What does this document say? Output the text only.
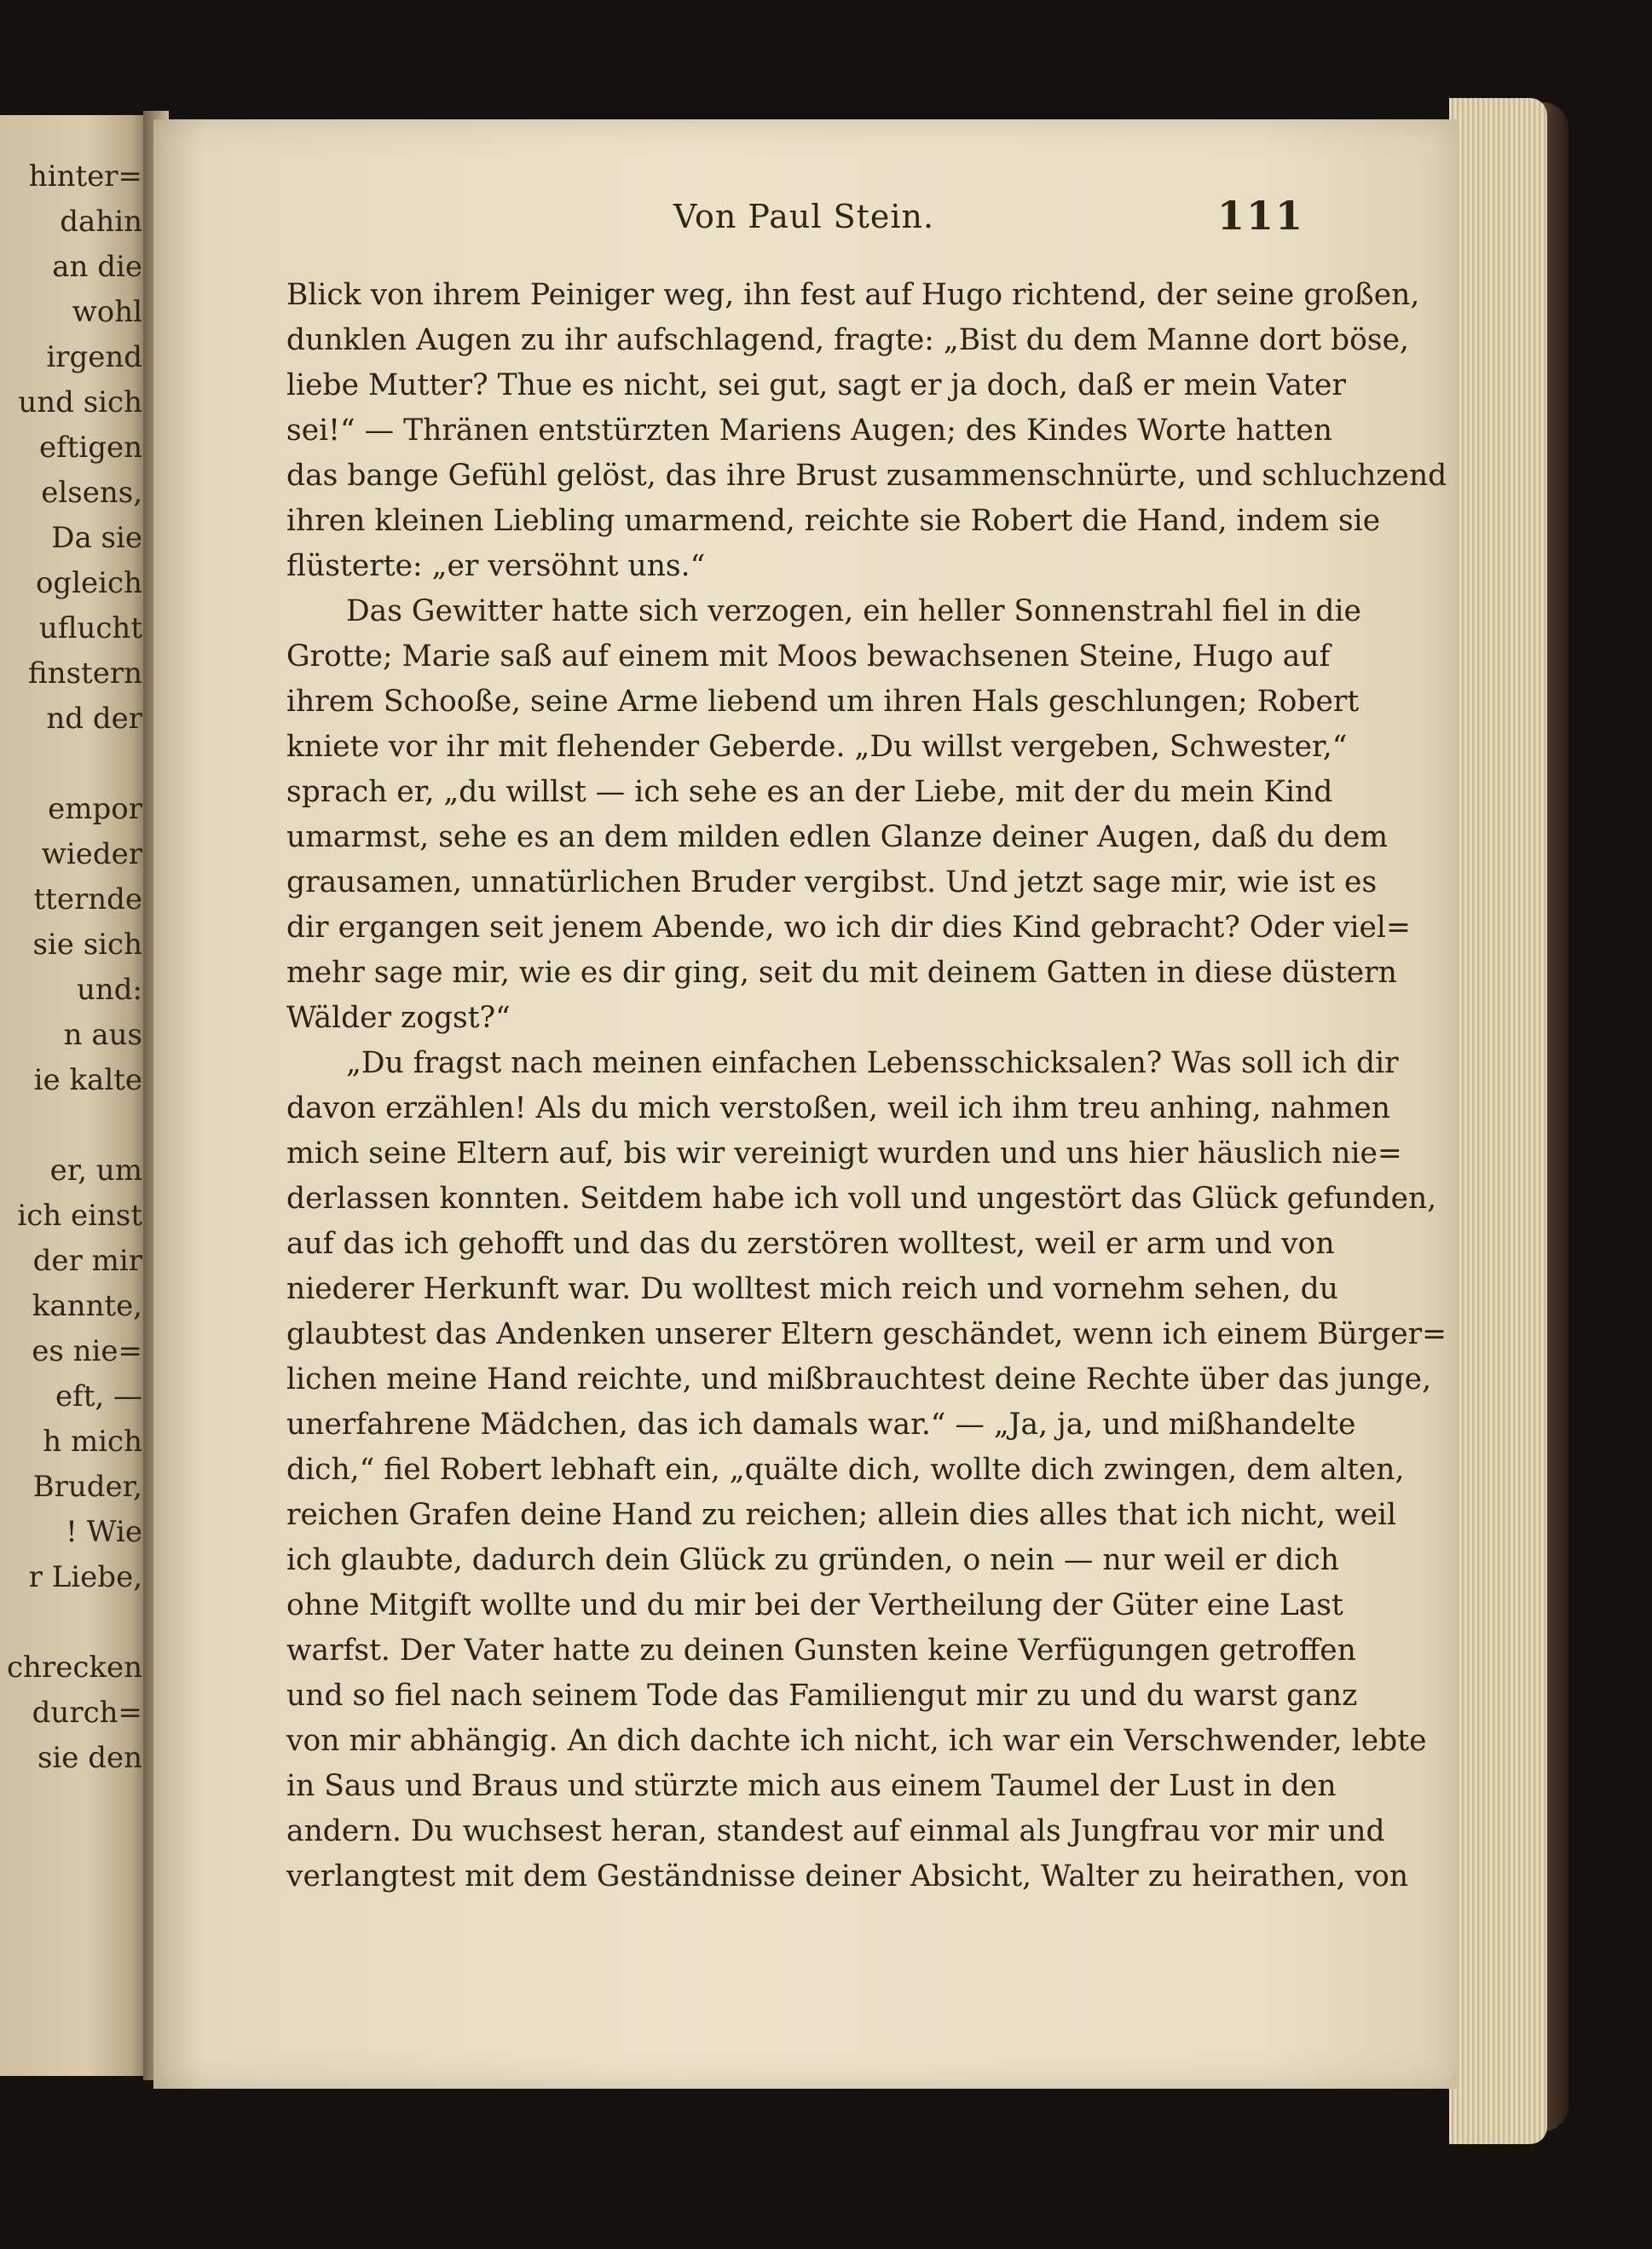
hinter=
dahin
an die
wohl
irgend
und sich
eftigen
elsens,
Da sie
ogleich
uflucht
finstern
nd der
empor
wieder
tternde
sie sich
und:
n aus
ie kalte
er, um
ich einst
der mir
kannte,
es nie=
eft, —
h mich
Bruder,
! Wie
r Liebe,
chrecken
durch=
sie den
Von Paul Stein.	111
Blick von ihrem Peiniger weg, ihn fest auf Hugo richtend, der seine großen,
dunklen Augen zu ihr aufschlagend, fragte: „Bist du dem Manne dort böse,
liebe Mutter? Thue es nicht, sei gut, sagt er ja doch, daß er mein Vater
sei!“ — Thränen entstürzten Mariens Augen; des Kindes Worte hatten
das bange Gefühl gelöst, das ihre Brust zusammenschnürte, und schluchzend
ihren kleinen Liebling umarmend, reichte sie Robert die Hand, indem sie
flüsterte: „er versöhnt uns.“
Das Gewitter hatte sich verzogen, ein heller Sonnenstrahl fiel in die
Grotte; Marie saß auf einem mit Moos bewachsenen Steine, Hugo auf
ihrem Schooße, seine Arme liebend um ihren Hals geschlungen; Robert
kniete vor ihr mit flehender Geberde. „Du willst vergeben, Schwester,“
sprach er, „du willst — ich sehe es an der Liebe, mit der du mein Kind
umarmst, sehe es an dem milden edlen Glanze deiner Augen, daß du dem
grausamen, unnatürlichen Bruder vergibst. Und jetzt sage mir, wie ist es
dir ergangen seit jenem Abende, wo ich dir dies Kind gebracht? Oder viel=
mehr sage mir, wie es dir ging, seit du mit deinem Gatten in diese düstern
Wälder zogst?“
„Du fragst nach meinen einfachen Lebensschicksalen? Was soll ich dir
davon erzählen! Als du mich verstoßen, weil ich ihm treu anhing, nahmen
mich seine Eltern auf, bis wir vereinigt wurden und uns hier häuslich nie=
derlassen konnten. Seitdem habe ich voll und ungestört das Glück gefunden,
auf das ich gehofft und das du zerstören wolltest, weil er arm und von
niederer Herkunft war. Du wolltest mich reich und vornehm sehen, du
glaubtest das Andenken unserer Eltern geschändet, wenn ich einem Bürger=
lichen meine Hand reichte, und mißbrauchtest deine Rechte über das junge,
unerfahrene Mädchen, das ich damals war.“ — „Ja, ja, und mißhandelte
dich,“ fiel Robert lebhaft ein, „quälte dich, wollte dich zwingen, dem alten,
reichen Grafen deine Hand zu reichen; allein dies alles that ich nicht, weil
ich glaubte, dadurch dein Glück zu gründen, o nein — nur weil er dich
ohne Mitgift wollte und du mir bei der Vertheilung der Güter eine Last
warfst. Der Vater hatte zu deinen Gunsten keine Verfügungen getroffen
und so fiel nach seinem Tode das Familiengut mir zu und du warst ganz
von mir abhängig. An dich dachte ich nicht, ich war ein Verschwender, lebte
in Saus und Braus und stürzte mich aus einem Taumel der Lust in den
andern. Du wuchsest heran, standest auf einmal als Jungfrau vor mir und
verlangtest mit dem Geständnisse deiner Absicht, Walter zu heirathen, von
